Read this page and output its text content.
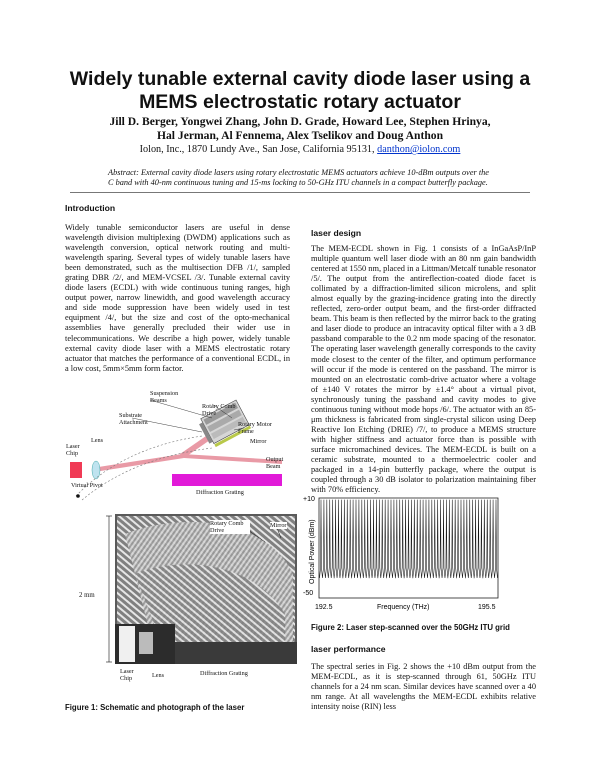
Widely tunable external cavity diode laser using a
MEMS electrostatic rotary actuator
Jill D. Berger, Yongwei Zhang, John D. Grade, Howard Lee, Stephen Hrinya,
Hal Jerman, Al Fennema, Alex Tselikov and Doug Anthon
Iolon, Inc., 1870 Lundy Ave., San Jose, California 95131, danthon@iolon.com
Abstract: External cavity diode lasers using rotary electrostatic MEMS actuators achieve 10-dBm outputs over the C band with 40-nm continuous tuning and 15-ms locking to 50-GHz ITU channels in a compact butterfly package.
Introduction
Widely tunable semiconductor lasers are useful in dense wavelength division multiplexing (DWDM) applications such as wavelength conversion, optical network routing and multi-wavelength sparing. Several types of widely tunable lasers have been demonstrated, such as the multisection DFB /1/, sampled grating DBR /2/, and MEM-VCSEL /3/. Tunable external cavity diode lasers (ECDL) with wide continuous tuning ranges, high output power, narrow linewidth, and good wavelength accuracy and side mode suppression have been widely used in test equipment /4/, but the size and cost of the opto-mechanical assemblies have generally precluded their wider use in telecommunications. We describe a high power, widely tunable external cavity diode laser with a MEMS electrostatic rotary actuator that matches the performance of a conventional ECDL, in a low cost, 5mm×5mm form factor.
Suspension Beams
Rotary Comb Drive
Substrate Attachment	Rotary Motor Frame
Mirror
Lens
Laser Chip
Output Beam
Virtual Pivot
Diffraction Grating
Rotary Comb Drive
Mirror
2 mm
Laser Chip	Lens	Diffraction Grating
Figure 1: Schematic and photograph of the laser
laser design
The MEM-ECDL shown in Fig. 1 consists of a InGaAsP/InP multiple quantum well laser diode with an 80 nm gain bandwidth centered at 1550 nm, placed in a Littman/Metcalf tunable resonator /5/. The output from the antireflection-coated diode facet is collimated by a diffraction-limited silicon microlens, and split almost equally by the grazing-incidence grating into the directly reflected, zero-order output beam, and the first-order diffracted beam. This beam is then reflected by the mirror back to the grating and laser diode to produce an intracavity optical filter with a 3 dB passband comparable to the 0.2 nm mode spacing of the resonator. The operating laser wavelength generally corresponds to the cavity mode closest to the center of the filter, and optimum performance will occur if the mode is centered on the passband. The mirror is mounted on an electrostatic comb-drive actuator where a voltage of ±140 V rotates the mirror by ±1.4° about a virtual pivot, synchronously tuning the passband and cavity modes to give continuous tuning without mode hops /6/. The actuator with an 85-μm thickness is fabricated from single-crystal silicon using Deep Reactive Ion Etching (DRIE) /7/, to produce a MEMS structure with higher stiffness and actuator force than is possible with surface micromachined devices. The MEM-ECDL is built on a ceramic substrate, mounted to a thermoelectric cooler and packaged in a 14-pin butterfly package, where the output is coupled through a 30 dB isolator to polarization maintaining fiber with 70% efficiency.
+10
-50
192.5	195.5
Frequency (THz)
Optical Power (dBm)
Figure 2: Laser step-scanned over the 50GHz ITU grid
laser performance
The spectral series in Fig. 2 shows the +10 dBm output from the MEM-ECDL, as it is step-scanned through 61, 50GHz ITU channels for a 24 nm scan. Similar devices have scanned over a 40 nm range. At all wavelengths the MEM-ECDL exhibits relative intensity noise (RIN) less
